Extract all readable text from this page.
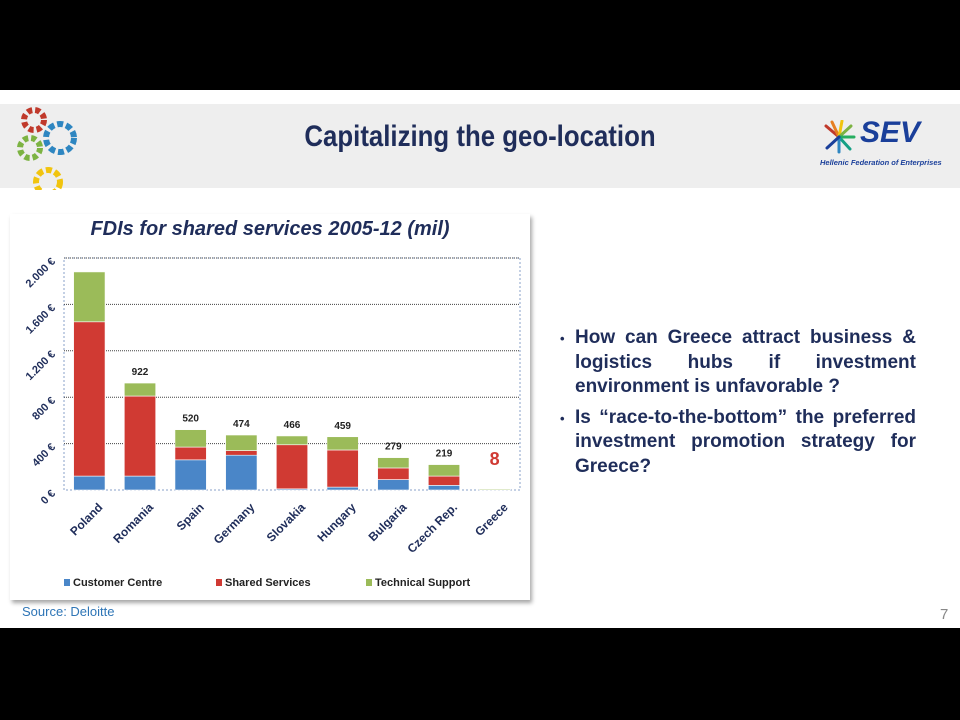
Capitalizing the geo-location	SEV
Hellenic Federation of Enterprises
FDIs for shared services 2005-12 (mil)
0 €
400 €
800 €
1.200 €
1.600 €
2.000 €
Poland
922
Romania
520
Spain
474
Germany
466
Slovakia
459
Hungary
279
Bulgaria
219
Czech Rep.
8
Greece
Customer Centre	Shared Services	Technical Support
• How can Greece attract business & logistics hubs if investment environment is unfavorable ?
• Is “race-to-the-bottom” the preferred investment promotion strategy for Greece?
Source: Deloitte	7
